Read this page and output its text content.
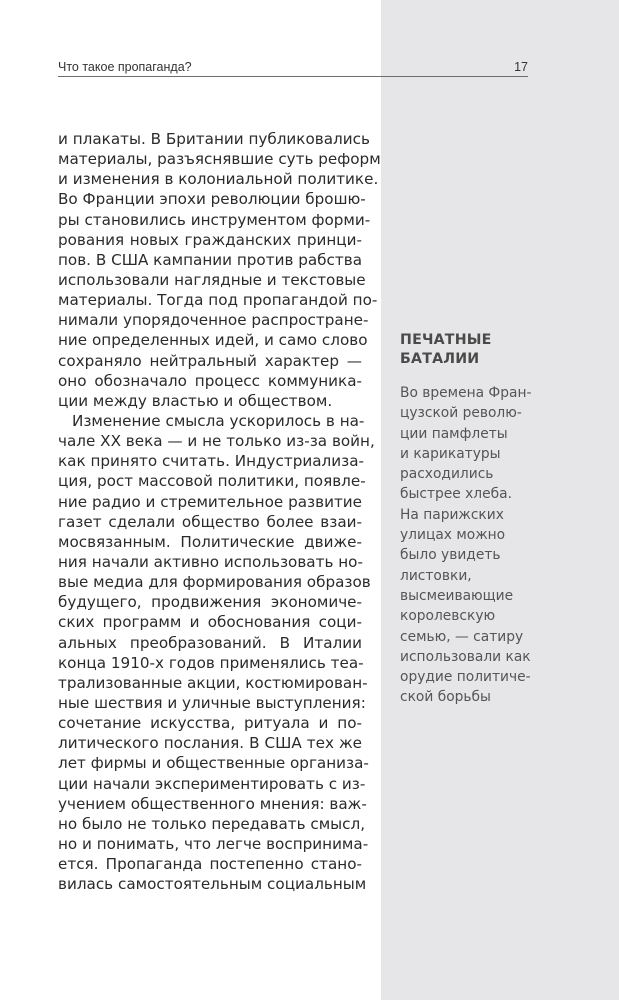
Что такое пропаганда?	17
и плакаты. В Британии публиковались
материалы, разъяснявшие суть реформ
и изменения в колониальной политике.
Во Франции эпохи революции брошю-
ры становились инструментом форми-
рования новых гражданских принци-
пов. В США кампании против рабства
использовали наглядные и текстовые
материалы. Тогда под пропагандой по-
нимали упорядоченное распростране-
ние определенных идей, и само слово
сохраняло нейтральный характер —
оно обозначало процесс коммуника-
ции между властью и обществом.
Изменение смысла ускорилось в на-
чале XX века — и не только из-за войн,
как принято считать. Индустриализа-
ция, рост массовой политики, появле-
ние радио и стремительное развитие
газет сделали общество более взаи-
мосвязанным. Политические движе-
ния начали активно использовать но-
вые медиа для формирования образов
будущего, продвижения экономиче-
ских программ и обоснования соци-
альных преобразований. В Италии
конца 1910-х годов применялись теа-
трализованные акции, костюмирован-
ные шествия и уличные выступления:
сочетание искусства, ритуала и по-
литического послания. В США тех же
лет фирмы и общественные организа-
ции начали экспериментировать с из-
учением общественного мнения: важ-
но было не только передавать смысл,
но и понимать, что легче воспринима-
ется. Пропаганда постепенно стано-
вилась самостоятельным социальным
ПЕЧАТНЫЕ
БАТАЛИИ
Во времена Фран-
цузской револю-
ции памфлеты
и карикатуры
расходились
быстрее хлеба.
На парижских
улицах можно
было увидеть
листовки,
высмеивающие
королевскую
семью, — сатиру
использовали как
орудие политиче-
ской борьбы
